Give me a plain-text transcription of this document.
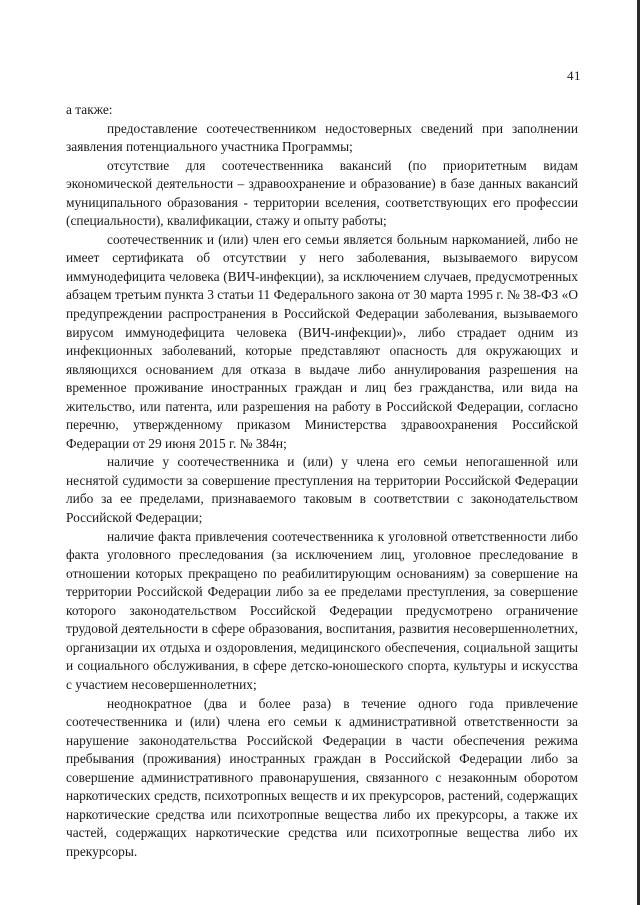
41

а также:

предоставление соотечественником недостоверных сведений при заполнении заявления потенциального участника Программы;

отсутствие для соотечественника вакансий (по приоритетным видам экономической деятельности – здравоохранение и образование) в базе данных вакансий муниципального образования - территории вселения, соответствующих его профессии (специальности), квалификации, стажу и опыту работы;

соотечественник и (или) член его семьи является больным наркоманией, либо не имеет сертификата об отсутствии у него заболевания, вызываемого вирусом иммунодефицита человека (ВИЧ-инфекции), за исключением случаев, предусмотренных абзацем третьим пункта 3 статьи 11 Федерального закона от 30 марта 1995 г. № 38-ФЗ «О предупреждении распространения в Российской Федерации заболевания, вызываемого вирусом иммунодефицита человека (ВИЧ-инфекции)», либо страдает одним из инфекционных заболеваний, которые представляют опасность для окружающих и являющихся основанием для отказа в выдаче либо аннулирования разрешения на временное проживание иностранных граждан и лиц без гражданства, или вида на жительство, или патента, или разрешения на работу в Российской Федерации, согласно перечню, утвержденному приказом Министерства здравоохранения Российской Федерации от 29 июня 2015 г. № 384н;

наличие у соотечественника и (или) у члена его семьи непогашенной или неснятой судимости за совершение преступления на территории Российской Федерации либо за ее пределами, признаваемого таковым в соответствии с законодательством Российской Федерации;

наличие факта привлечения соотечественника к уголовной ответственности либо факта уголовного преследования (за исключением лиц, уголовное преследование в отношении которых прекращено по реабилитирующим основаниям) за совершение на территории Российской Федерации либо за ее пределами преступления, за совершение которого законодательством Российской Федерации предусмотрено ограничение трудовой деятельности в сфере образования, воспитания, развития несовершеннолетних, организации их отдыха и оздоровления, медицинского обеспечения, социальной защиты и социального обслуживания, в сфере детско-юношеского спорта, культуры и искусства с участием несовершеннолетних;

неоднократное (два и более раза) в течение одного года привлечение соотечественника и (или) члена его семьи к административной ответственности за нарушение законодательства Российской Федерации в части обеспечения режима пребывания (проживания) иностранных граждан в Российской Федерации либо за совершение административного правонарушения, связанного с незаконным оборотом наркотических средств, психотропных веществ и их прекурсоров, растений, содержащих наркотические средства или психотропные вещества либо их прекурсоры, а также их частей, содержащих наркотические средства или психотропные вещества либо их прекурсоры.
